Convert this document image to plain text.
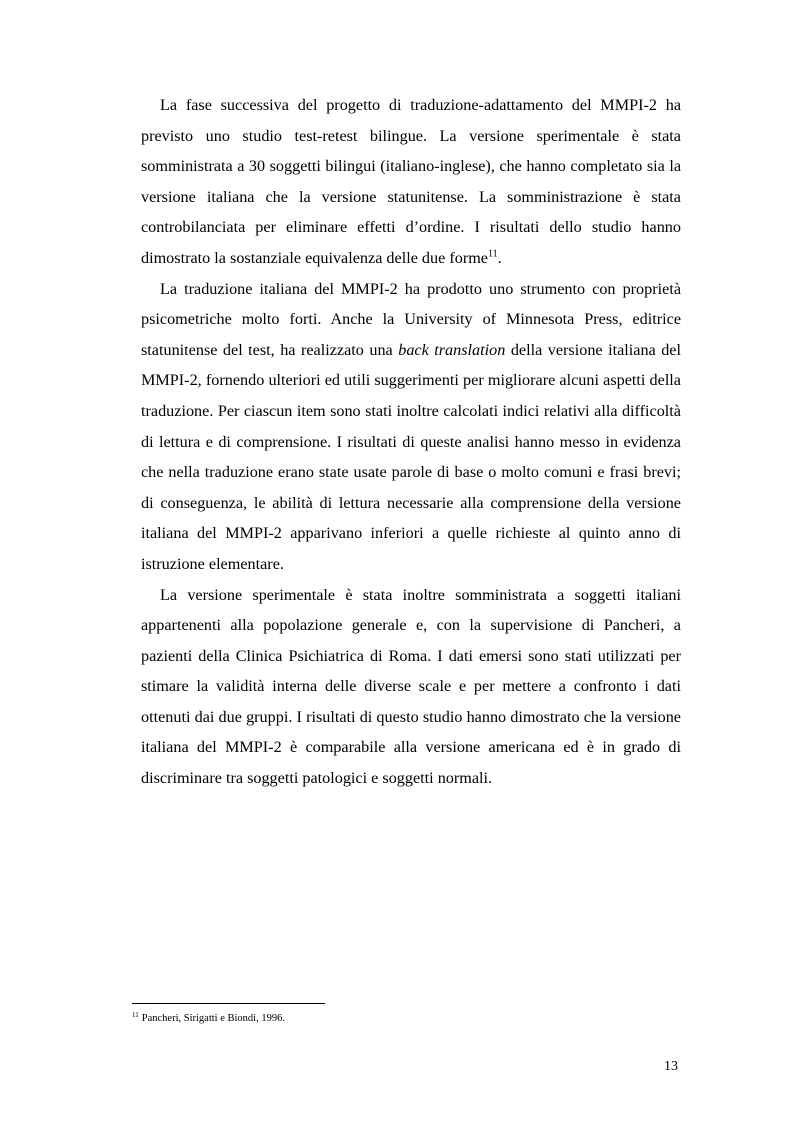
La fase successiva del progetto di traduzione-adattamento del MMPI-2 ha previsto uno studio test-retest bilingue. La versione sperimentale è stata somministrata a 30 soggetti bilingui (italiano-inglese), che hanno completato sia la versione italiana che la versione statunitense. La somministrazione è stata controbilanciata per eliminare effetti d’ordine. I risultati dello studio hanno dimostrato la sostanziale equivalenza delle due forme$^{11}$.

La traduzione italiana del MMPI-2 ha prodotto uno strumento con proprietà psicometriche molto forti. Anche la University of Minnesota Press, editrice statunitense del test, ha realizzato una back translation della versione italiana del MMPI-2, fornendo ulteriori ed utili suggerimenti per migliorare alcuni aspetti della traduzione. Per ciascun item sono stati inoltre calcolati indici relativi alla difficoltà di lettura e di comprensione. I risultati di queste analisi hanno messo in evidenza che nella traduzione erano state usate parole di base o molto comuni e frasi brevi; di conseguenza, le abilità di lettura necessarie alla comprensione della versione italiana del MMPI-2 apparivano inferiori a quelle richieste al quinto anno di istruzione elementare.

La versione sperimentale è stata inoltre somministrata a soggetti italiani appartenenti alla popolazione generale e, con la supervisione di Pancheri, a pazienti della Clinica Psichiatrica di Roma. I dati emersi sono stati utilizzati per stimare la validità interna delle diverse scale e per mettere a confronto i dati ottenuti dai due gruppi. I risultati di questo studio hanno dimostrato che la versione italiana del MMPI-2 è comparabile alla versione americana ed è in grado di discriminare tra soggetti patologici e soggetti normali.

$^{11}$ Pancheri, Sirigatti e Biondi, 1996.
13
